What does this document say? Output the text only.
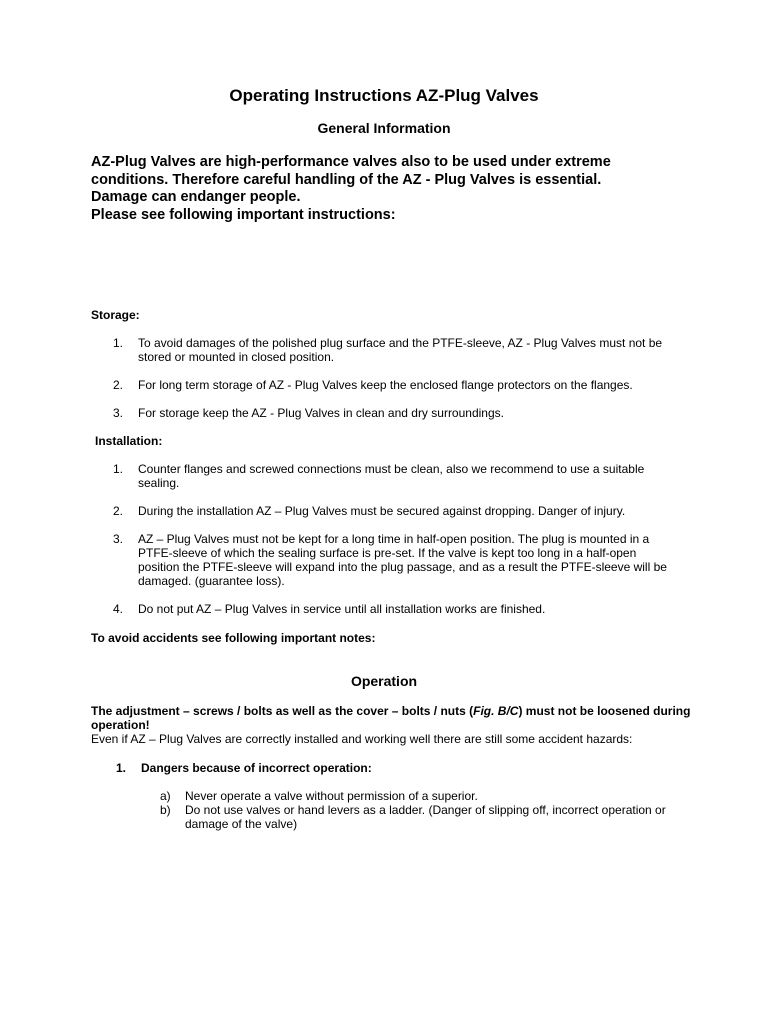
Operating Instructions AZ-Plug Valves
General Information
AZ-Plug Valves are high-performance valves also to be used under extreme
conditions. Therefore careful handling of the AZ - Plug Valves is essential.
Damage can endanger people.
Please see following important instructions:
Storage:
1. To avoid damages of the polished plug surface and the PTFE-sleeve, AZ - Plug Valves must not be stored or mounted in closed position.
2. For long term storage of AZ - Plug Valves keep the enclosed flange protectors on the flanges.
3. For storage keep the AZ - Plug Valves in clean and dry surroundings.
Installation:
1. Counter flanges and screwed connections must be clean, also we recommend to use a suitable sealing.
2. During the installation AZ – Plug Valves must be secured against dropping. Danger of injury.
3. AZ – Plug Valves must not be kept for a long time in half-open position. The plug is mounted in a PTFE-sleeve of which the sealing surface is pre-set. If the valve is kept too long in a half-open position the PTFE-sleeve will expand into the plug passage, and as a result the PTFE-sleeve will be damaged. (guarantee loss).
4. Do not put AZ – Plug Valves in service until all installation works are finished.
To avoid accidents see following important notes:
Operation
The adjustment – screws / bolts as well as the cover – bolts / nuts (Fig. B/C) must not be loosened during operation!
Even if AZ – Plug Valves are correctly installed and working well there are still some accident hazards:
1. Dangers because of incorrect operation:
a) Never operate a valve without permission of a superior.
b) Do not use valves or hand levers as a ladder. (Danger of slipping off, incorrect operation or damage of the valve)
